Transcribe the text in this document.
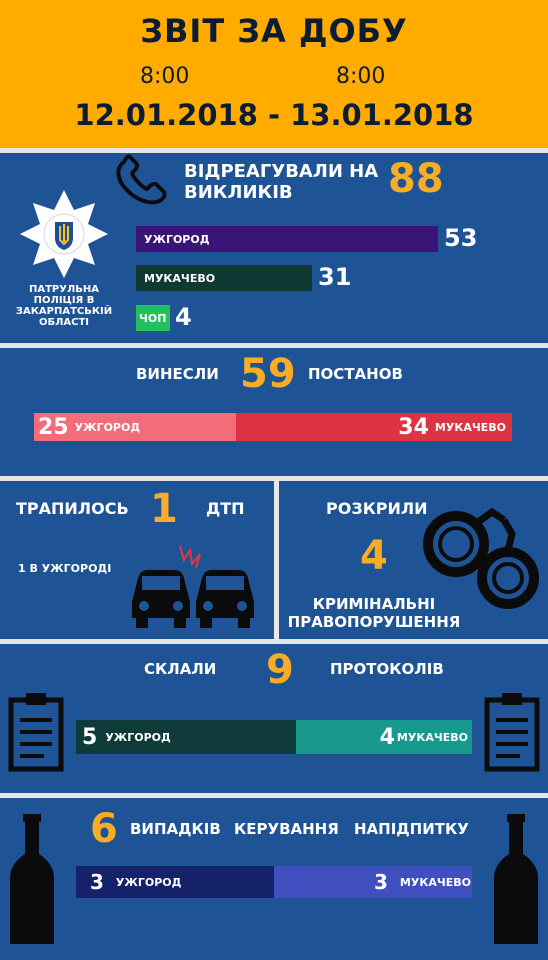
ЗВІТ ЗА ДОБУ
8:00	8:00
12.01.2018 - 13.01.2018
ПАТРУЛЬНА ПОЛІЦІЯ В ЗАКАРПАТСЬКІЙ ОБЛАСТІ
ВІДРЕАГУВАЛИ НА ВИКЛИКІВ	88
УЖГОРОД	53
МУКАЧЕВО	31
ЧОП 4
ВИНЕСЛИ 59 ПОСТАНОВ
25 УЖГОРОД	34 МУКАЧЕВО
ТРАПИЛОСЬ 1 ДТП
1 В УЖГОРОДІ
РОЗКРИЛИ
4
КРИМІНАЛЬНІ ПРАВОПОРУШЕННЯ
СКЛАЛИ 9 ПРОТОКОЛІВ
5 УЖГОРОД	4 МУКАЧЕВО
6 ВИПАДКІВ КЕРУВАННЯ НАПІДПИТКУ
3 УЖГОРОД	3 МУКАЧЕВО
